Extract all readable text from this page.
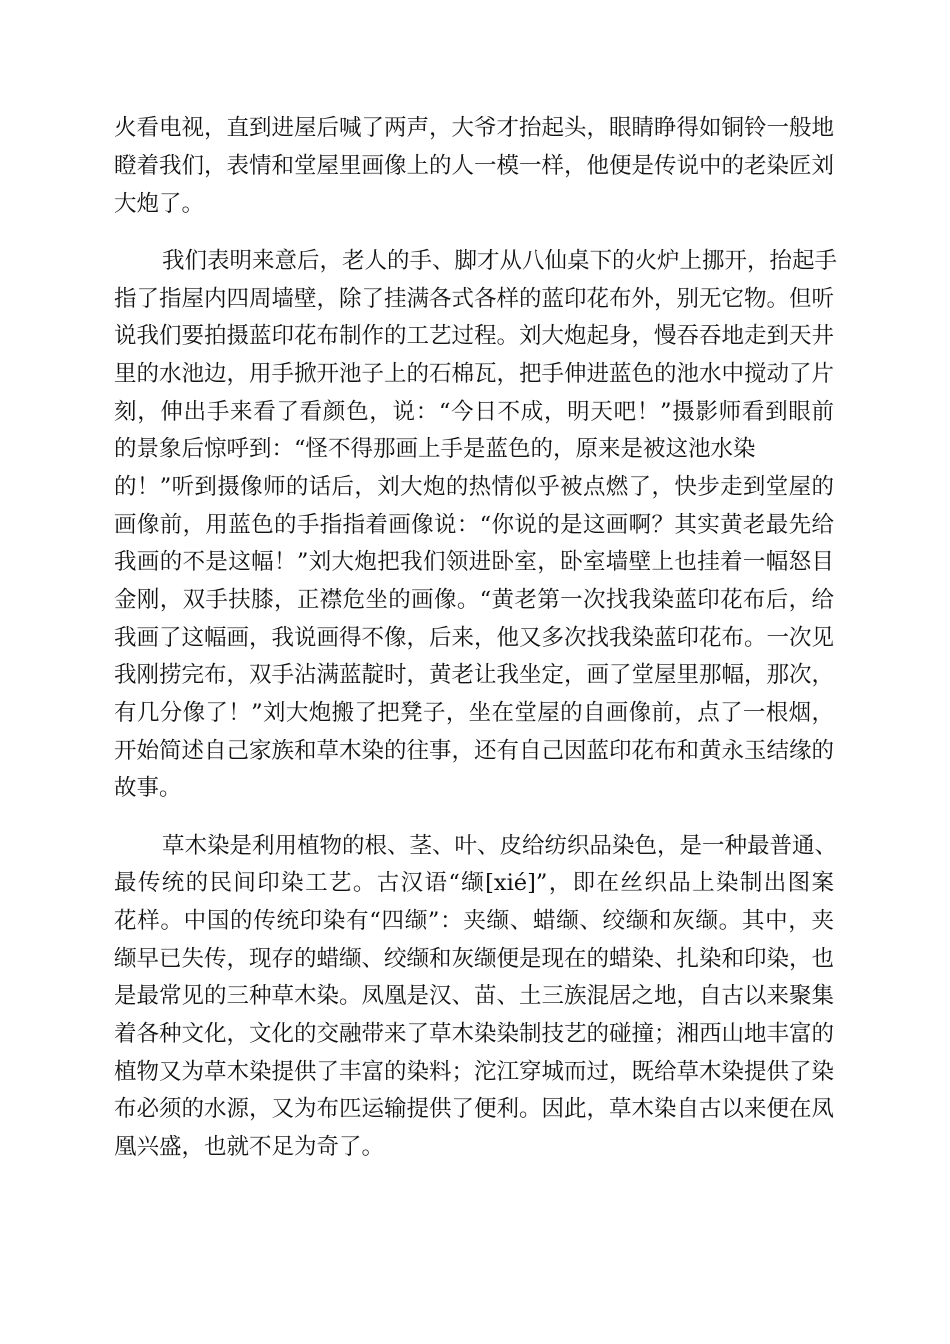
火看电视，直到进屋后喊了两声，大爷才抬起头，眼睛睁得如铜铃一般地
瞪着我们，表情和堂屋里画像上的人一模一样，他便是传说中的老染匠刘
大炮了。
我们表明来意后，老人的手、脚才从八仙桌下的火炉上挪开，抬起手
指了指屋内四周墙壁，除了挂满各式各样的蓝印花布外，别无它物。但听
说我们要拍摄蓝印花布制作的工艺过程。刘大炮起身，慢吞吞地走到天井
里的水池边，用手掀开池子上的石棉瓦，把手伸进蓝色的池水中搅动了片
刻，伸出手来看了看颜色，说：“今日不成，明天吧！”摄影师看到眼前
的景象后惊呼到：“怪不得那画上手是蓝色的，原来是被这池水染
的！”听到摄像师的话后，刘大炮的热情似乎被点燃了，快步走到堂屋的
画像前，用蓝色的手指指着画像说：“你说的是这画啊？其实黄老最先给
我画的不是这幅！”刘大炮把我们领进卧室，卧室墙壁上也挂着一幅怒目
金刚，双手扶膝，正襟危坐的画像。“黄老第一次找我染蓝印花布后，给
我画了这幅画，我说画得不像，后来，他又多次找我染蓝印花布。一次见
我刚捞完布，双手沾满蓝靛时，黄老让我坐定，画了堂屋里那幅，那次，
有几分像了！”刘大炮搬了把凳子，坐在堂屋的自画像前，点了一根烟，
开始简述自己家族和草木染的往事，还有自己因蓝印花布和黄永玉结缘的
故事。
草木染是利用植物的根、茎、叶、皮给纺织品染色，是一种最普通、
最传统的民间印染工艺。古汉语“缬[xié]”，即在丝织品上染制出图案
花样。中国的传统印染有“四缬”：夹缬、蜡缬、绞缬和灰缬。其中，夹
缬早已失传，现存的蜡缬、绞缬和灰缬便是现在的蜡染、扎染和印染，也
是最常见的三种草木染。凤凰是汉、苗、土三族混居之地，自古以来聚集
着各种文化，文化的交融带来了草木染染制技艺的碰撞；湘西山地丰富的
植物又为草木染提供了丰富的染料；沱江穿城而过，既给草木染提供了染
布必须的水源，又为布匹运输提供了便利。因此，草木染自古以来便在凤
凰兴盛，也就不足为奇了。
